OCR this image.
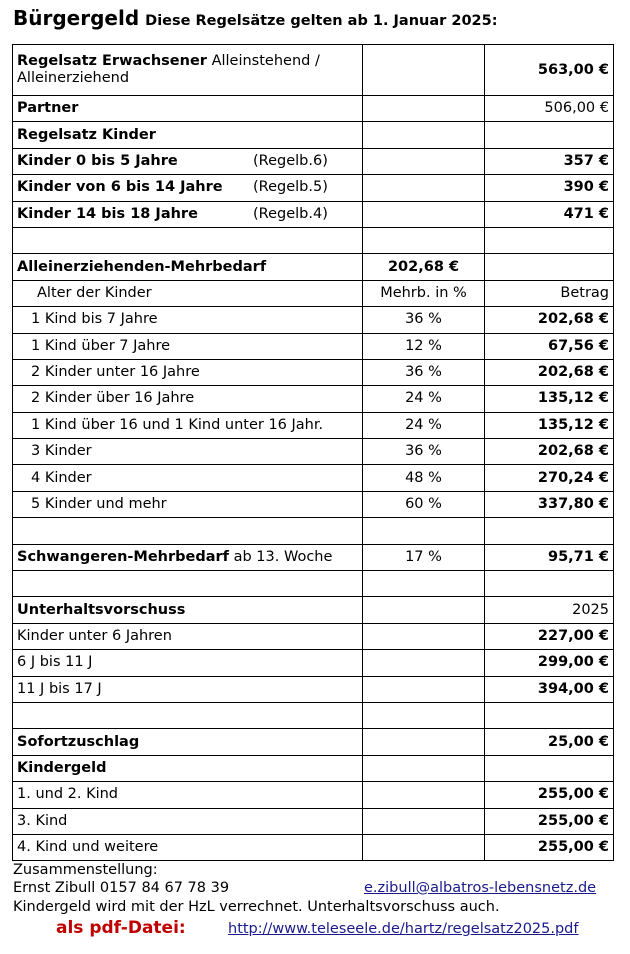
Bürgergeld Diese Regelsätze gelten ab 1. Januar 2025:
Regelsatz Erwachsener Alleinstehend / Alleinerziehend		563,00 €
Partner		506,00 €
Regelsatz Kinder		
Kinder 0 bis 5 Jahre (Regelb.6)		357 €
Kinder von 6 bis 14 Jahre (Regelb.5)		390 €
Kinder 14 bis 18 Jahre (Regelb.4)		471 €

Alleinerziehenden-Mehrbedarf	202,68 €	
Alter der Kinder	Mehrb. in %	Betrag
1 Kind bis 7 Jahre	36 %	202,68 €
1 Kind über 7 Jahre	12 %	67,56 €
2 Kinder unter 16 Jahre	36 %	202,68 €
2 Kinder über 16 Jahre	24 %	135,12 €
1 Kind über 16 und 1 Kind unter 16 Jahr.	24 %	135,12 €
3 Kinder	36 %	202,68 €
4 Kinder	48 %	270,24 €
5 Kinder und mehr	60 %	337,80 €

Schwangeren-Mehrbedarf ab 13. Woche	17 %	95,71 €

Unterhaltsvorschuss		2025
Kinder unter 6 Jahren		227,00 €
6 J bis 11 J		299,00 €
11 J bis 17 J		394,00 €

Sofortzuschlag		25,00 €
Kindergeld		
1. und 2. Kind		255,00 €
3. Kind		255,00 €
4. Kind und weitere		255,00 €
Zusammenstellung:
Ernst Zibull 0157 84 67 78 39	e.zibull@albatros-lebensnetz.de
Kindergeld wird mit der HzL verrechnet. Unterhaltsvorschuss auch.
als pdf-Datei:	http://www.teleseele.de/hartz/regelsatz2025.pdf
